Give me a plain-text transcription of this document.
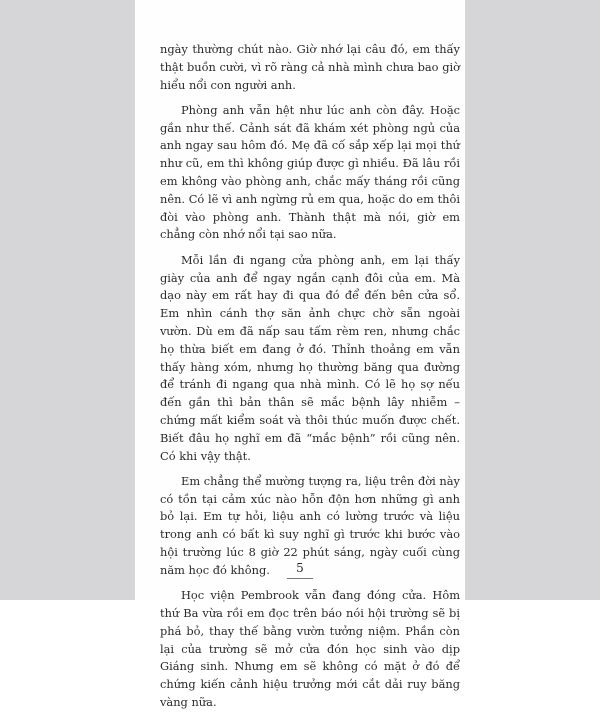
ngày thường chút nào. Giờ nhớ lại câu đó, em thấy thật buồn cười, vì rõ ràng cả nhà mình chưa bao giờ hiểu nổi con người anh.

Phòng anh vẫn hệt như lúc anh còn đây. Hoặc gần như thế. Cảnh sát đã khám xét phòng ngủ của anh ngay sau hôm đó. Mẹ đã cố sắp xếp lại mọi thứ như cũ, em thì không giúp được gì nhiều. Đã lâu rồi em không vào phòng anh, chắc mấy tháng rồi cũng nên. Có lẽ vì anh ngừng rủ em qua, hoặc do em thôi đòi vào phòng anh. Thành thật mà nói, giờ em chẳng còn nhớ nổi tại sao nữa.

Mỗi lần đi ngang cửa phòng anh, em lại thấy giày của anh để ngay ngắn cạnh đôi của em. Mà dạo này em rất hay đi qua đó để đến bên cửa sổ. Em nhìn cánh thợ săn ảnh chực chờ sẵn ngoài vườn. Dù em đã nấp sau tấm rèm ren, nhưng chắc họ thừa biết em đang ở đó. Thỉnh thoảng em vẫn thấy hàng xóm, nhưng họ thường băng qua đường để tránh đi ngang qua nhà mình. Có lẽ họ sợ nếu đến gần thì bản thân sẽ mắc bệnh lây nhiễm – chứng mất kiểm soát và thôi thúc muốn được chết. Biết đâu họ nghĩ em đã “mắc bệnh” rồi cũng nên. Có khi vậy thật.

Em chẳng thể mường tượng ra, liệu trên đời này có tồn tại cảm xúc nào hỗn độn hơn những gì anh bỏ lại. Em tự hỏi, liệu anh có lường trước và liệu trong anh có bất kì suy nghĩ gì trước khi bước vào hội trường lúc 8 giờ 22 phút sáng, ngày cuối cùng năm học đó không.

Học viện Pembrook vẫn đang đóng cửa. Hôm thứ Ba vừa rồi em đọc trên báo nói hội trường sẽ bị phá bỏ, thay thế bằng vườn tưởng niệm. Phần còn lại của trường sẽ mở cửa đón học sinh vào dịp Giáng sinh. Nhưng em sẽ không có mặt ở đó để chứng kiến cảnh hiệu trưởng mới cắt dải ruy băng vàng nữa.

5
